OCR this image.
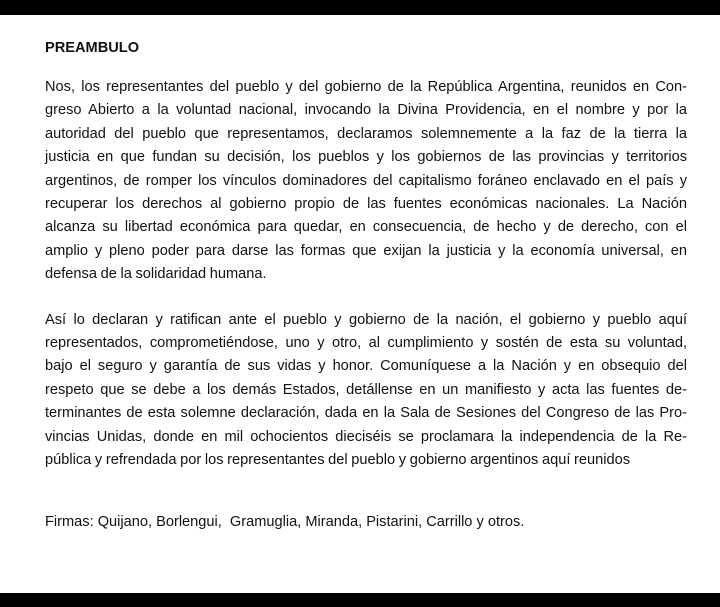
PREAMBULO
Nos, los representantes del pueblo y del gobierno de la República Argentina, reunidos en Con-
greso Abierto a la voluntad nacional, invocando la Divina Providencia, en el nombre y por la
autoridad del pueblo que representamos, declaramos solemnemente a la faz de la tierra la
justicia en que fundan su decisión, los pueblos y los gobiernos de las provincias y territorios
argentinos, de romper los vínculos dominadores del capitalismo foráneo enclavado en el país y
recuperar los derechos al gobierno propio de las fuentes económicas nacionales. La Nación
alcanza su libertad económica para quedar, en consecuencia, de hecho y de derecho, con el
amplio y pleno poder para darse las formas que exijan la justicia y la economía universal, en
defensa de la solidaridad humana.
Así lo declaran y ratifican ante el pueblo y gobierno de la nación, el gobierno y pueblo aquí
representados, comprometiéndose, uno y otro, al cumplimiento y sostén de esta su voluntad,
bajo el seguro y garantía de sus vidas y honor. Comuníquese a la Nación y en obsequio del
respeto que se debe a los demás Estados, detállense en un manifiesto y acta las fuentes de-
terminantes de esta solemne declaración, dada en la Sala de Sesiones del Congreso de las Pro-
vincias Unidas, donde en mil ochocientos dieciséis se proclamara la independencia de la Re-
pública y refrendada por los representantes del pueblo y gobierno argentinos aquí reunidos
Firmas: Quijano, Borlengui,  Gramuglia, Miranda, Pistarini, Carrillo y otros.
